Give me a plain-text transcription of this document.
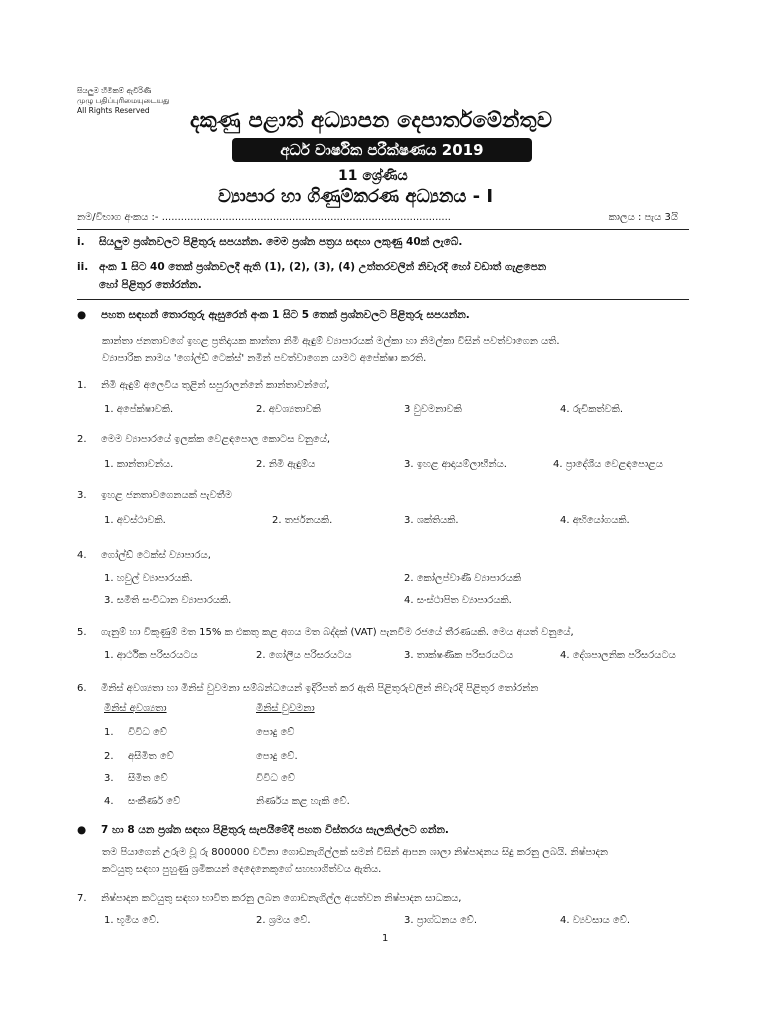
සියලුම හිමිකම් ඇවිරිණි
முழு பதிப்புரிமையுடையது
All Rights Reserved	දකුණු පළාත් අධ්‍යාපන දෙපාර්තමේන්තුව
අර්ධ වාර්ෂික පරීක්ෂණය 2019
11 ශ්‍රේණිය
ව්‍යාපාර හා ගිණුම්කරණ අධ්‍යනය - I
නම/විභාග අංකය :- ...........................................................................................	කාලය : පැය 3යි
i. සියලුම ප්‍රශ්නවලට පිළිතුරු සපයන්න. මෙම ප්‍රශ්න පත්‍රය සඳහා ලකුණු 40ක් ලැබේ.
ii. අංක 1 සිට 40 තෙක් ප්‍රශ්නවලදී ඇති (1), (2), (3), (4) උත්තරවලින් නිවැරදි හෝ වඩාත් ගැළපෙන
හෝ පිළිතුර තෝරන්න.
● පහත සඳහන් තොරතුරු ඇසුරෙන් අංක 1 සිට 5 තෙක් ප්‍රශ්නවලට පිළිතුරු සපයන්න.
කාන්තා ජනතාවගේ ඉහළ ප්‍රතිදායක කාන්තා නිමි ඇඳුම් ව්‍යාපාරයක් මල්කා හා නිමල්කා විසින් පවත්වාගෙන යති.
ව්‍යාපාරික නාමය 'ගෝල්ඩ් ටෙක්ස්' නමින් පවත්වාගෙන යාමට අපේක්ෂා කරති.
1. නිමි ඇඳුම් අලෙවිය තුළින් සපුරාලන්නේ කාන්තාවන්ගේ,
1. අපේක්ෂාවකි.	2. අවශ්‍යතාවකි	3 වුවමනාවකි	4. රුචිකත්වකි.
2. මෙම ව්‍යාපාරයේ ඉලක්ක වෙළඳපොල කොටස වනුයේ,
1. කාන්තාවන්ය.	2. නිමි ඇඳුම්ය	3. ඉහළ ආදායම්ලාභීන්ය.	4. ප්‍රාදේශීය වෙළඳපොළය
3. ඉහළ ජනතාවගෙනයක් පැවතීම
1. අවස්ථාවකි.	2. තර්ජනයකි.	3. ශක්තියකි.	4. අභියෝගයකි.
4. ගෝල්ඩ් ටෙක්ස් ව්‍යාපාරය,
1. හවුල් ව්‍යාපාරයකි.	2. කෝලප්වාණී ව්‍යාපාරයකි
3. සමීති සංවිධාන ව්‍යාපාරයකි.	4. සංස්ථාපිත ව්‍යාපාරයකි.
5. ගැනුම් හා විකුණුම් මත 15% ක එකතු කළ අගය මත බද්දක් (VAT) පැනවීම රජයේ තීරණයකි. මෙය අයත් වනුයේ,
1. ආර්ථික පරිසරයටය	2. ගෝලීය පරිසරයටය	3. තාක්ෂණික පරිසරයටය	4. දේශපාලනික පරිසරයටය
6. මිනිස් අවශ්‍යතා හා මිනිස් වුවමනා සම්බන්ධයෙන් ඉදිරිපත් කර ඇති පිළිතුරුවලින් නිවැරදි පිළිතුර තෝරන්න
මිනිස් අවශ්‍යතා	මිනිස් වුවමනා
1. විවිධ වේ	පොදු වේ
2. අසීමිත වේ	පොදු වේ.
3. සීමිත වේ	විවිධ වේ
4. සංකීර්ණ වේ	නිර්ණය කළ හැකි වේ.
● 7 හා 8 යන ප්‍රශ්න සඳහා පිළිතුරු සැපයීමේදී පහත විස්තරය සැලකිල්ලට ගන්න.
තම පියාගෙන් උරුම වූ රු 800000 වටිනා ගොඩනැගිල්ලක් සමන් විසින් ආපන ශාලා නිෂ්පාදනය සිදු කරනු ලබයි. නිෂ්පාදන
කටයුතු සඳහා පුහුණු ශ්‍රමිකයන් දෙදෙනෙකුගේ සහභාගිත්වය ඇතිය.
7. නිෂ්පාදන කටයුතු සඳහා භාවිත කරනු ලබන ගොඩනැගිල්ල අයත්වන නිෂ්පාදන සාධකය,
1. භූමිය වේ.	2. ශ්‍රමය වේ.	3. ප්‍රාග්ධනය වේ.	4. ව්‍යවසාය වේ.
1
